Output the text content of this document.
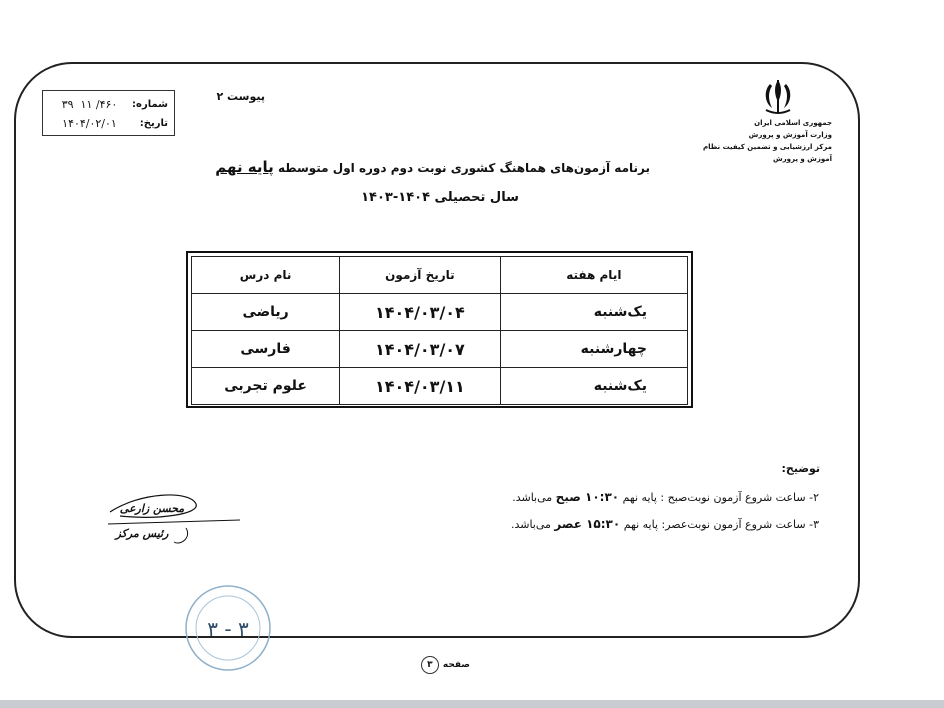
شماره:
۴۶۰/ ۱۱  ۳۹
تاریخ:
۱۴۰۴/۰۲/۰۱
پیوست ۲
جمهوری اسلامی ایران
وزارت آموزش و پرورش
مرکز ارزشیابی و تضمین کیفیت نظام
آموزش و پرورش
برنامه آزمون‌های هماهنگ کشوری نوبت دوم دوره اول متوسطه پایه نهم
سال تحصیلی ۱۴۰۴-۱۴۰۳
ایام هفته	تاریخ آزمون	نام درس
یک‌شنبه	۱۴۰۴/۰۳/۰۴	ریاضی
چهارشنبه	۱۴۰۴/۰۳/۰۷	فارسی
یک‌شنبه	۱۴۰۴/۰۳/۱۱	علوم تجربی
توضیح:
۲- ساعت شروع آزمون نوبت‌صبح : پایه نهم ۱۰:۳۰ صبح می‌باشد.
۳- ساعت شروع آزمون نوبت‌عصر: پایه نهم ۱۵:۳۰ عصر می‌باشد.
محسن زارعی
رئیس مرکز
۳ - ۳
صفحه
۳
